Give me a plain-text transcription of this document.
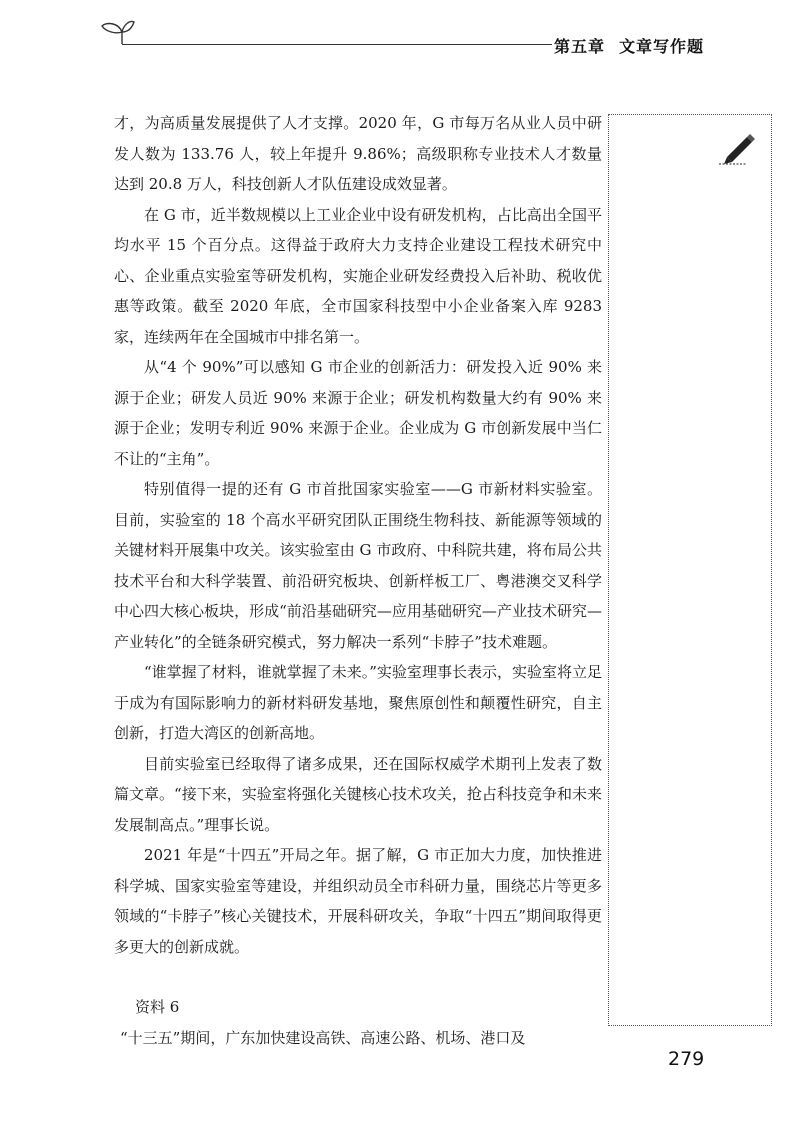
第五章 文章写作题

才，为高质量发展提供了人才支撑。2020 年，G 市每万名从业人员中研发人数为 133.76 人，较上年提升 9.86%；高级职称专业技术人才数量达到 20.8 万人，科技创新人才队伍建设成效显著。

在 G 市，近半数规模以上工业企业中设有研发机构，占比高出全国平均水平 15 个百分点。这得益于政府大力支持企业建设工程技术研究中心、企业重点实验室等研发机构，实施企业研发经费投入后补助、税收优惠等政策。截至 2020 年底，全市国家科技型中小企业备案入库 9283 家，连续两年在全国城市中排名第一。

从“4 个 90%”可以感知 G 市企业的创新活力：研发投入近 90% 来源于企业；研发人员近 90% 来源于企业；研发机构数量大约有 90% 来源于企业；发明专利近 90% 来源于企业。企业成为 G 市创新发展中当仁不让的“主角”。

特别值得一提的还有 G 市首批国家实验室——G 市新材料实验室。目前，实验室的 18 个高水平研究团队正围绕生物科技、新能源等领域的关键材料开展集中攻关。该实验室由 G 市政府、中科院共建，将布局公共技术平台和大科学装置、前沿研究板块、创新样板工厂、粤港澳交叉科学中心四大核心板块，形成“前沿基础研究—应用基础研究—产业技术研究—产业转化”的全链条研究模式，努力解决一系列“卡脖子”技术难题。

“谁掌握了材料，谁就掌握了未来。”实验室理事长表示，实验室将立足于成为有国际影响力的新材料研发基地，聚焦原创性和颠覆性研究，自主创新，打造大湾区的创新高地。

目前实验室已经取得了诸多成果，还在国际权威学术期刊上发表了数篇文章。“接下来，实验室将强化关键核心技术攻关，抢占科技竞争和未来发展制高点。”理事长说。

2021 年是“十四五”开局之年。据了解，G 市正加大力度，加快推进科学城、国家实验室等建设，并组织动员全市科研力量，围绕芯片等更多领域的“卡脖子”核心关键技术，开展科研攻关，争取“十四五”期间取得更多更大的创新成就。

资料 6

“十三五”期间，广东加快建设高铁、高速公路、机场、港口及

279
